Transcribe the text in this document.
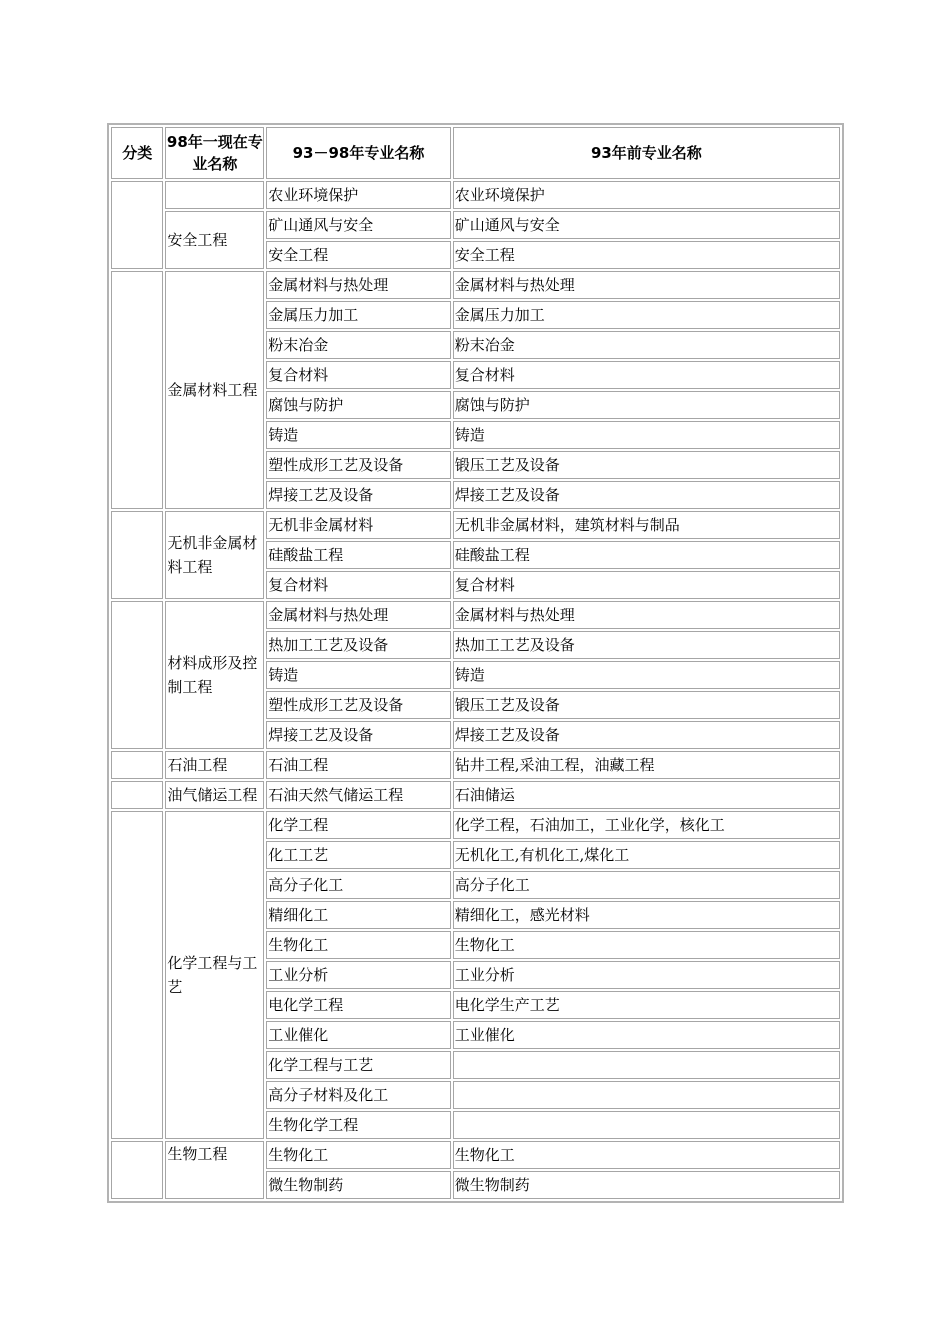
分类	98年一现在专业名称	93－98年专业名称	93年前专业名称
		农业环境保护	农业环境保护
	安全工程	矿山通风与安全	矿山通风与安全
		安全工程	安全工程
	金属材料工程	金属材料与热处理	金属材料与热处理
		金属压力加工	金属压力加工
		粉末冶金	粉末冶金
		复合材料	复合材料
		腐蚀与防护	腐蚀与防护
		铸造	铸造
		塑性成形工艺及设备	锻压工艺及设备
		焊接工艺及设备	焊接工艺及设备
	无机非金属材料工程	无机非金属材料	无机非金属材料，建筑材料与制品
		硅酸盐工程	硅酸盐工程
		复合材料	复合材料
	材料成形及控制工程	金属材料与热处理	金属材料与热处理
		热加工工艺及设备	热加工工艺及设备
		铸造	铸造
		塑性成形工艺及设备	锻压工艺及设备
		焊接工艺及设备	焊接工艺及设备
	石油工程	石油工程	钻井工程,采油工程，油藏工程
	油气储运工程	石油天然气储运工程	石油储运
	化学工程与工艺	化学工程	化学工程，石油加工，工业化学，核化工
		化工工艺	无机化工,有机化工,煤化工
		高分子化工	高分子化工
		精细化工	精细化工，感光材料
		生物化工	生物化工
		工业分析	工业分析
		电化学工程	电化学生产工艺
		工业催化	工业催化
		化学工程与工艺	
		高分子材料及化工	
		生物化学工程	
	生物工程	生物化工	生物化工
		微生物制药	微生物制药
